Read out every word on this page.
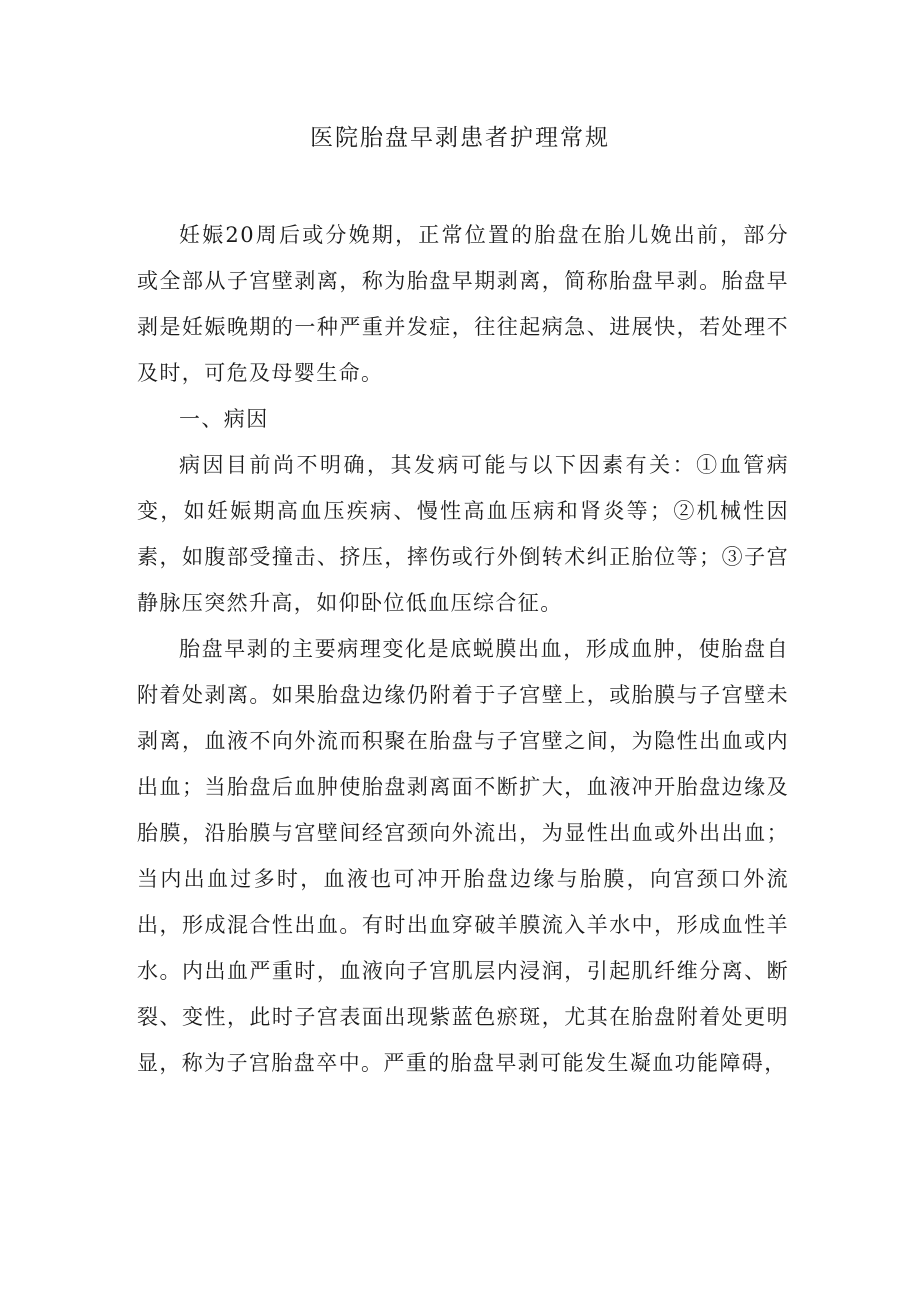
医院胎盘早剥患者护理常规

妊娠20周后或分娩期，正常位置的胎盘在胎儿娩出前，部分或全部从子宫壁剥离，称为胎盘早期剥离，简称胎盘早剥。胎盘早剥是妊娠晚期的一种严重并发症，往往起病急、进展快，若处理不及时，可危及母婴生命。

一、病因

病因目前尚不明确，其发病可能与以下因素有关：①血管病变，如妊娠期高血压疾病、慢性高血压病和肾炎等；②机械性因素，如腹部受撞击、挤压，摔伤或行外倒转术纠正胎位等；③子宫静脉压突然升高，如仰卧位低血压综合征。

胎盘早剥的主要病理变化是底蜕膜出血，形成血肿，使胎盘自附着处剥离。如果胎盘边缘仍附着于子宫壁上，或胎膜与子宫壁未剥离，血液不向外流而积聚在胎盘与子宫壁之间，为隐性出血或内出血；当胎盘后血肿使胎盘剥离面不断扩大，血液冲开胎盘边缘及胎膜，沿胎膜与宫壁间经宫颈向外流出，为显性出血或外出出血；当内出血过多时，血液也可冲开胎盘边缘与胎膜，向宫颈口外流出，形成混合性出血。有时出血穿破羊膜流入羊水中，形成血性羊水。内出血严重时，血液向子宫肌层内浸润，引起肌纤维分离、断裂、变性，此时子宫表面出现紫蓝色瘀斑，尤其在胎盘附着处更明显，称为子宫胎盘卒中。严重的胎盘早剥可能发生凝血功能障碍，
